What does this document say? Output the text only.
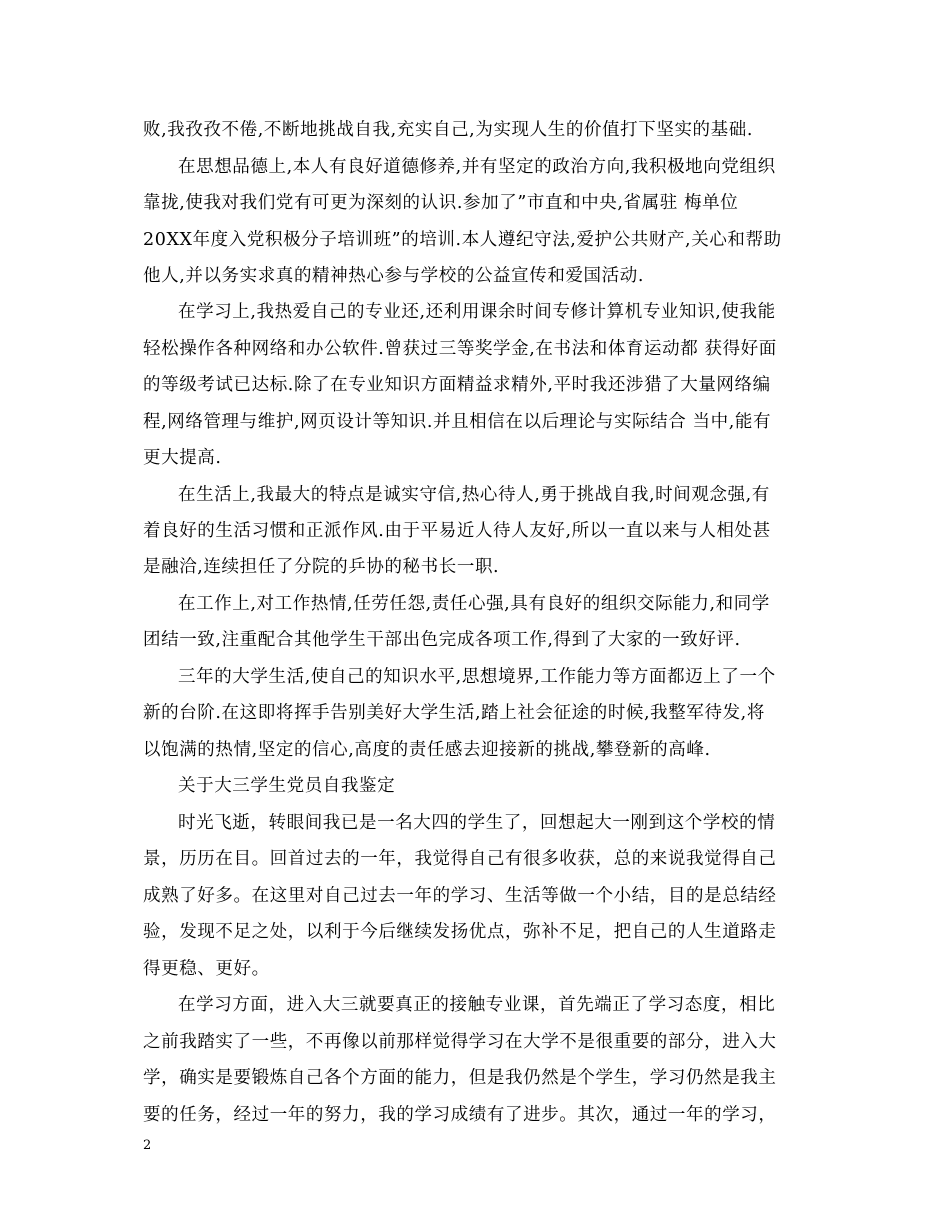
败,我孜孜不倦,不断地挑战自我,充实自己,为实现人生的价值打下坚实的基础.
在思想品德上,本人有良好道德修养,并有坚定的政治方向,我积极地向党组织
靠拢,使我对我们党有可更为深刻的认识.参加了”市直和中央,省属驻 梅单位
20XX年度入党积极分子培训班”的培训.本人遵纪守法,爱护公共财产,关心和帮助
他人,并以务实求真的精神热心参与学校的公益宣传和爱国活动.
在学习上,我热爱自己的专业还,还利用课余时间专修计算机专业知识,使我能
轻松操作各种网络和办公软件.曾获过三等奖学金,在书法和体育运动都 获得好面
的等级考试已达标.除了在专业知识方面精益求精外,平时我还涉猎了大量网络编
程,网络管理与维护,网页设计等知识.并且相信在以后理论与实际结合 当中,能有
更大提高.
在生活上,我最大的特点是诚实守信,热心待人,勇于挑战自我,时间观念强,有
着良好的生活习惯和正派作风.由于平易近人待人友好,所以一直以来与人相处甚
是融洽,连续担任了分院的乒协的秘书长一职.
在工作上,对工作热情,任劳任怨,责任心强,具有良好的组织交际能力,和同学
团结一致,注重配合其他学生干部出色完成各项工作,得到了大家的一致好评.
三年的大学生活,使自己的知识水平,思想境界,工作能力等方面都迈上了一个
新的台阶.在这即将挥手告别美好大学生活,踏上社会征途的时候,我整军待发,将
以饱满的热情,坚定的信心,高度的责任感去迎接新的挑战,攀登新的高峰.
关于大三学生党员自我鉴定
时光飞逝，转眼间我已是一名大四的学生了，回想起大一刚到这个学校的情
景，历历在目。回首过去的一年，我觉得自己有很多收获，总的来说我觉得自己
成熟了好多。在这里对自己过去一年的学习、生活等做一个小结，目的是总结经
验，发现不足之处，以利于今后继续发扬优点，弥补不足，把自己的人生道路走
得更稳、更好。
在学习方面，进入大三就要真正的接触专业课，首先端正了学习态度，相比
之前我踏实了一些，不再像以前那样觉得学习在大学不是很重要的部分，进入大
学，确实是要锻炼自己各个方面的能力，但是我仍然是个学生，学习仍然是我主
要的任务，经过一年的努力，我的学习成绩有了进步。其次，通过一年的学习，
2
